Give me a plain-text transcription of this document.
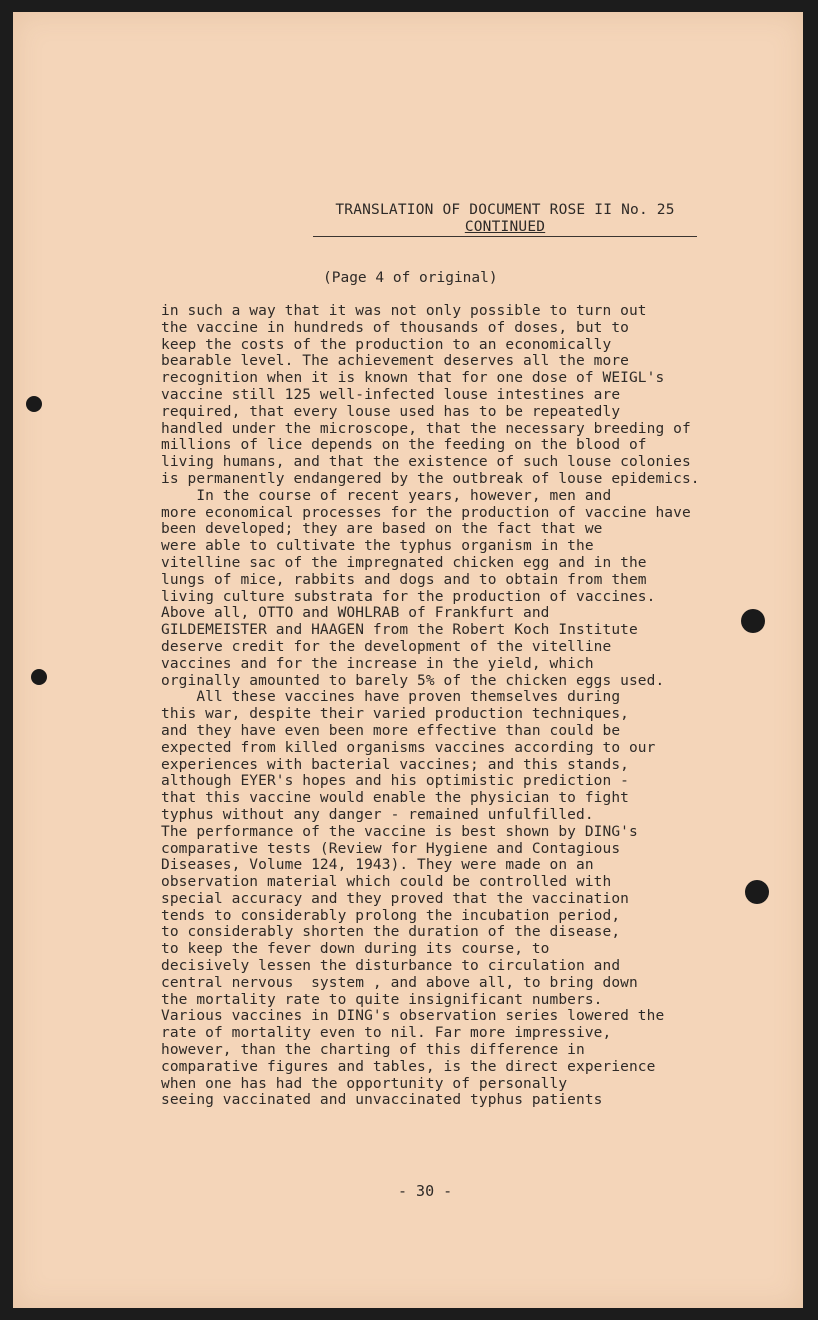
TRANSLATION OF DOCUMENT ROSE II No. 25
CONTINUED
(Page 4 of original)
in such a way that it was not only possible to turn out
the vaccine in hundreds of thousands of doses, but to
keep the costs of the production to an economically
bearable level. The achievement deserves all the more
recognition when it is known that for one dose of WEIGL's
vaccine still 125 well-infected louse intestines are
required, that every louse used has to be repeatedly
handled under the microscope, that the necessary breeding of
millions of lice depends on the feeding on the blood of
living humans, and that the existence of such louse colonies
is permanently endangered by the outbreak of louse epidemics.
In the course of recent years, however, men and
more economical processes for the production of vaccine have
been developed; they are based on the fact that we
were able to cultivate the typhus organism in the
vitelline sac of the impregnated chicken egg and in the
lungs of mice, rabbits and dogs and to obtain from them
living culture substrata for the production of vaccines.
Above all, OTTO and WOHLRAB of Frankfurt and
GILDEMEISTER and HAAGEN from the Robert Koch Institute
deserve credit for the development of the vitelline
vaccines and for the increase in the yield, which
orginally amounted to barely 5% of the chicken eggs used.
All these vaccines have proven themselves during
this war, despite their varied production techniques,
and they have even been more effective than could be
expected from killed organisms vaccines according to our
experiences with bacterial vaccines; and this stands,
although EYER's hopes and his optimistic prediction -
that this vaccine would enable the physician to fight
typhus without any danger - remained unfulfilled.
The performance of the vaccine is best shown by DING's
comparative tests (Review for Hygiene and Contagious
Diseases, Volume 124, 1943). They were made on an
observation material which could be controlled with
special accuracy and they proved that the vaccination
tends to considerably prolong the incubation period,
to considerably shorten the duration of the disease,
to keep the fever down during its course, to
decisively lessen the disturbance to circulation and
central nervous  system , and above all, to bring down
the mortality rate to quite insignificant numbers.
Various vaccines in DING's observation series lowered the
rate of mortality even to nil. Far more impressive,
however, than the charting of this difference in
comparative figures and tables, is the direct experience
when one has had the opportunity of personally
seeing vaccinated and unvaccinated typhus patients
- 30 -
